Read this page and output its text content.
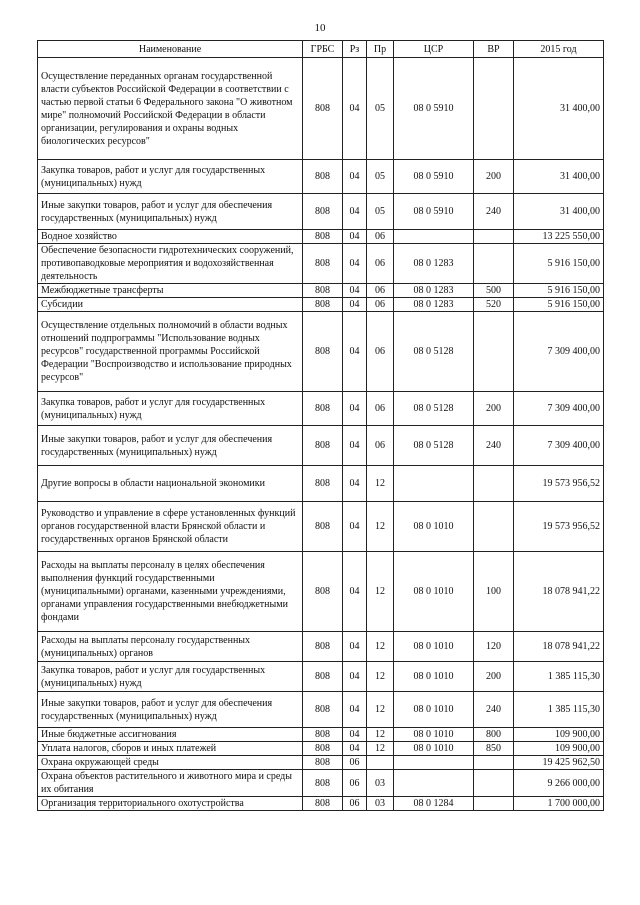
10
Наименование	ГРБС	Рз	Пр	ЦСР	ВР	2015 год
Осуществление переданных органам государственной власти субъектов Российской Федерации в соответствии с частью первой статьи 6 Федерального закона "О животном мире" полномочий Российской Федерации в области организации, регулирования и охраны водных биологических ресурсов"	808	04	05	08 0 5910		31 400,00
Закупка товаров, работ и услуг для государственных (муниципальных) нужд	808	04	05	08 0 5910	200	31 400,00
Иные закупки товаров, работ и услуг для обеспечения государственных (муниципальных) нужд	808	04	05	08 0 5910	240	31 400,00
Водное хозяйство	808	04	06			13 225 550,00
Обеспечение безопасности гидротехнических сооружений, противопаводковые мероприятия и водохозяйственная деятельность	808	04	06	08 0 1283		5 916 150,00
Межбюджетные трансферты	808	04	06	08 0 1283	500	5 916 150,00
Субсидии	808	04	06	08 0 1283	520	5 916 150,00
Осуществление отдельных полномочий в области водных отношений подпрограммы "Использование водных ресурсов" государственной программы Российской Федерации "Воспроизводство и использование природных ресурсов"	808	04	06	08 0 5128		7 309 400,00
Закупка товаров, работ и услуг для государственных (муниципальных) нужд	808	04	06	08 0 5128	200	7 309 400,00
Иные закупки товаров, работ и услуг для обеспечения государственных (муниципальных) нужд	808	04	06	08 0 5128	240	7 309 400,00
Другие вопросы в области национальной экономики	808	04	12			19 573 956,52
Руководство и управление в сфере установленных функций органов государственной власти Брянской области и государственных органов Брянской области	808	04	12	08 0 1010		19 573 956,52
Расходы на выплаты персоналу в целях обеспечения выполнения функций государственными (муниципальными) органами, казенными учреждениями, органами управления государственными внебюджетными фондами	808	04	12	08 0 1010	100	18 078 941,22
Расходы на выплаты персоналу государственных (муниципальных) органов	808	04	12	08 0 1010	120	18 078 941,22
Закупка товаров, работ и услуг для государственных (муниципальных) нужд	808	04	12	08 0 1010	200	1 385 115,30
Иные закупки товаров, работ и услуг для обеспечения государственных (муниципальных) нужд	808	04	12	08 0 1010	240	1 385 115,30
Иные бюджетные ассигнования	808	04	12	08 0 1010	800	109 900,00
Уплата налогов, сборов и иных платежей	808	04	12	08 0 1010	850	109 900,00
Охрана окружающей среды	808	06				19 425 962,50
Охрана объектов растительного и животного мира и среды их обитания	808	06	03			9 266 000,00
Организация территориального охотустройства	808	06	03	08 0 1284		1 700 000,00
